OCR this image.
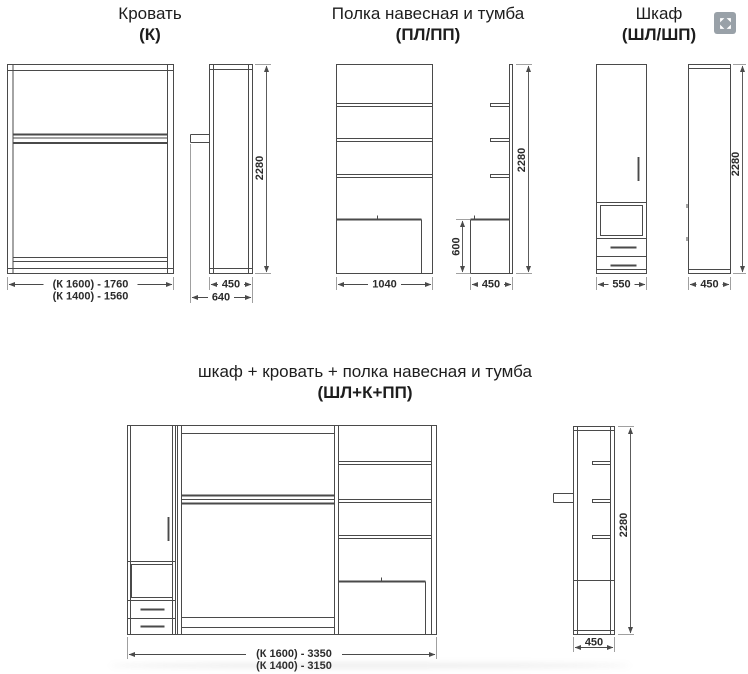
Кровать
(К)
Полка навесная и тумба
(ПЛ/ПП)
Шкаф
(ШЛ/ШП)
шкаф + кровать + полка навесная и тумба
(ШЛ+К+ПП)
(К 1600) - 1760
(К 1400) - 1560
2280
450
640
1040
600
450
2280
550
2280
450
(К 1600) - 3350
(К 1400) - 3150
2280
450
